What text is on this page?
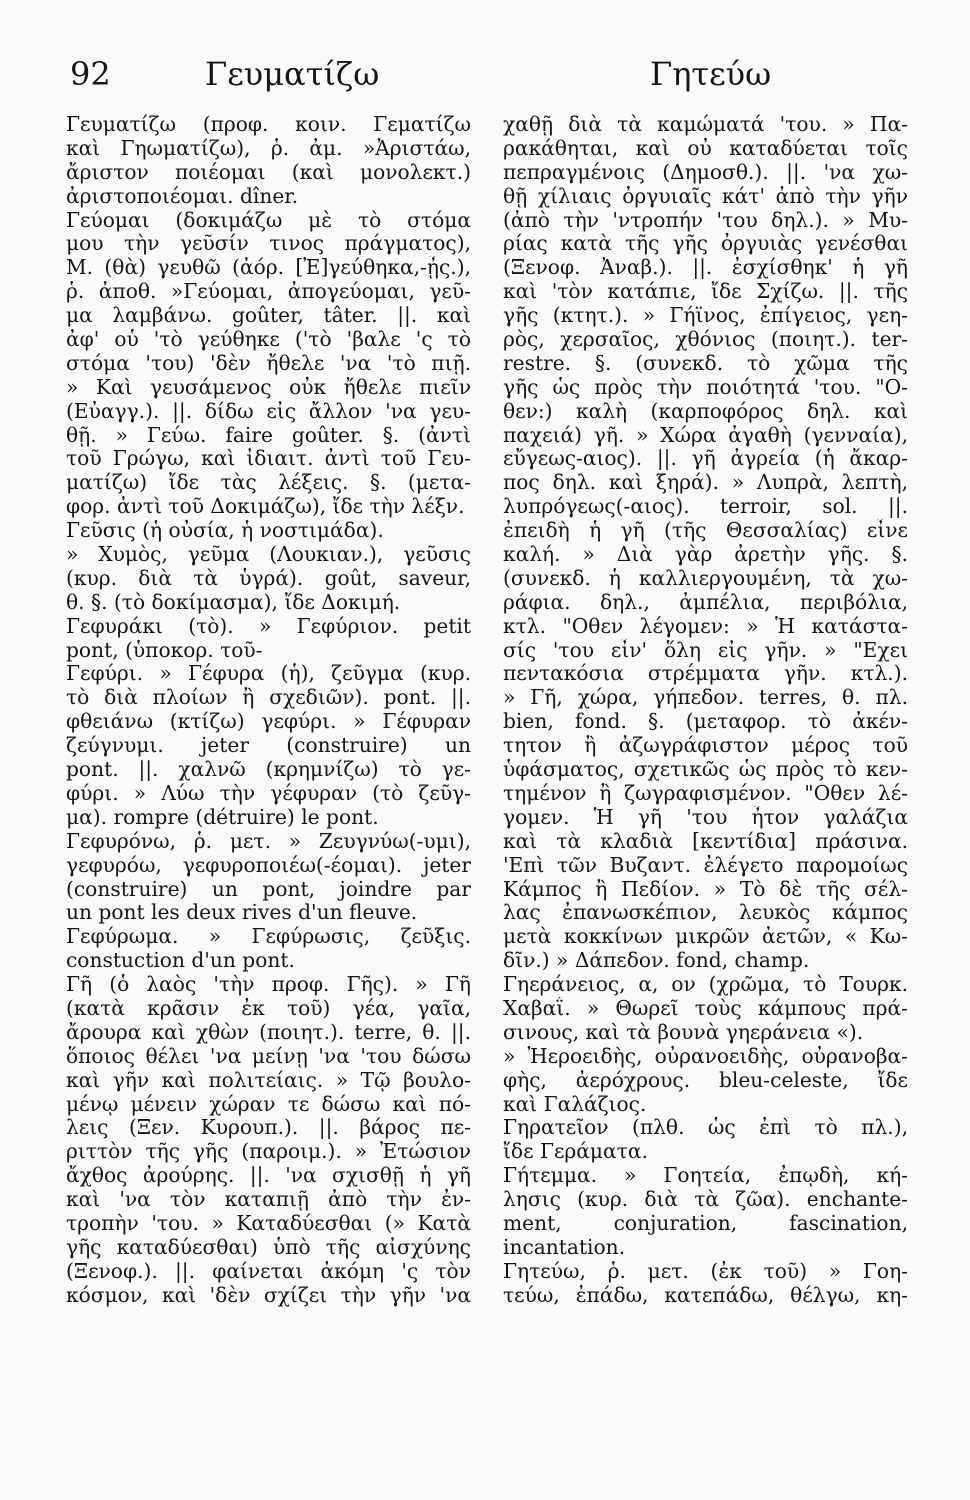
92	Γευματίζω	Γητεύω
Γευματίζω (προφ. κοιν. Γεματίζω
καὶ Γηωματίζω), ῥ. ἀμ. »Ἀριστάω,
ἄριστον ποιέομαι (καὶ μονολεκτ.)
ἀριστοποιέομαι. dîner.
Γεύομαι (δοκιμάζω μὲ τὸ στόμα
μου τὴν γεῦσίν τινος πράγματος),
Μ. (θὰ) γευθῶ (ἀόρ. [Ἐ]γεύθηκα,-ᾖς.),
ῥ. ἀποθ. »Γεύομαι, ἀπογεύομαι, γεῦ-
μα λαμβάνω. goûter, tâter. ||. καὶ
ἀφ' οὗ 'τὸ γεύθηκε ('τὸ 'βαλε 'ς τὸ
στόμα 'του) 'δὲν ἤθελε 'να 'τὸ πιῇ.
» Καὶ γευσάμενος οὐκ ἤθελε πιεῖν
(Εὐαγγ.). ||. δίδω εἰς ἄλλον 'να γευ-
θῇ. » Γεύω. faire goûter. §. (ἀντὶ
τοῦ Γρώγω, καὶ ἰδιαιτ. ἀντὶ τοῦ Γευ-
ματίζω) ἴδε τὰς λέξεις. §. (μετα-
φορ. ἀντὶ τοῦ Δοκιμάζω), ἴδε τὴν λέξν.
Γεῦσις (ἡ οὐσία, ἡ νοστιμάδα).
» Χυμὸς, γεῦμα (Λουκιαν.), γεῦσις
(κυρ. διὰ τὰ ὑγρά). goût, saveur,
θ. §. (τὸ δοκίμασμα), ἴδε Δοκιμή.
Γεφυράκι (τὸ). » Γεφύριον. petit
pont, (ὑποκορ. τοῦ-
Γεφύρι. » Γέφυρα (ἡ), ζεῦγμα (κυρ.
τὸ διὰ πλοίων ἢ σχεδιῶν). pont. ||.
φθειάνω (κτίζω) γεφύρι. » Γέφυραν
ζεύγνυμι. jeter (construire) un
pont. ||. χαλνῶ (κρημνίζω) τὸ γε-
φύρι. » Λύω τὴν γέφυραν (τὸ ζεῦγ-
μα). rompre (détruire) le pont.
Γεφυρόνω, ῥ. μετ. » Ζευγνύω(-υμι),
γεφυρόω, γεφυροποιέω(-έομαι). jeter
(construire) un pont, joindre par
un pont les deux rives d'un fleuve.
Γεφύρωμα. » Γεφύρωσις, ζεῦξις.
constuction d'un pont.
Γῆ (ὁ λαὸς 'τὴν προφ. Γῆς). » Γῆ
(κατὰ κρᾶσιν ἐκ τοῦ) γέα, γαῖα,
ἄρουρα καὶ χθὼν (ποιητ.). terre, θ. ||.
ὅποιος θέλει 'να μείνῃ 'να 'του δώσω
καὶ γῆν καὶ πολιτείαις. » Τῷ βουλο-
μένῳ μένειν χώραν τε δώσω καὶ πό-
λεις (Ξεν. Κυρουπ.). ||. βάρος πε-
ριττὸν τῆς γῆς (παροιμ.). » Ἐτώσιον
ἄχθος ἀρούρης. ||. 'να σχισθῇ ἡ γῆ
καὶ 'να τὸν καταπιῇ ἀπὸ τὴν ἐν-
τροπὴν 'του. » Καταδύεσθαι (» Κατὰ
γῆς καταδύεσθαι) ὑπὸ τῆς αἰσχύνης
(Ξενοφ.). ||. φαίνεται ἀκόμη 'ς τὸν
κόσμον, καὶ 'δὲν σχίζει τὴν γῆν 'να
χαθῇ διὰ τὰ καμώματά 'του. » Πα-
ρακάθηται, καὶ οὐ καταδύεται τοῖς
πεπραγμένοις (Δημοσθ.). ||. 'να χω-
θῇ χίλιαις ὀργυιαῖς κάτ' ἀπὸ τὴν γῆν
(ἀπὸ τὴν 'ντροπήν 'του δηλ.). » Μυ-
ρίας κατὰ τῆς γῆς ὀργυιὰς γενέσθαι
(Ξενοφ. Ἀναβ.). ||. ἐσχίσθηκ' ἡ γῆ
καὶ 'τὸν κατάπιε, ἴδε Σχίζω. ||. τῆς
γῆς (κτητ.). » Γήϊνος, ἐπίγειος, γεη-
ρὸς, χερσαῖος, χθόνιος (ποιητ.). ter-
restre. §. (συνεκδ. τὸ χῶμα τῆς
γῆς ὡς πρὸς τὴν ποιότητά 'του. "Ο-
θεν:) καλὴ (καρποφόρος δηλ. καὶ
παχειά) γῆ. » Χώρα ἀγαθὴ (γενναία),
εὔγεως-αιος). ||. γῆ ἀγρεία (ἡ ἄκαρ-
πος δηλ. καὶ ξηρά). » Λυπρὰ, λεπτὴ,
λυπρόγεως(-αιος). terroir, sol. ||.
ἐπειδὴ ἡ γῆ (τῆς Θεσσαλίας) εἶνε
καλή. » Διὰ γὰρ ἀρετὴν γῆς. §.
(συνεκδ. ἡ καλλιεργουμένη, τὰ χω-
ράφια. δηλ., ἀμπέλια, περιβόλια,
κτλ. "Οθεν λέγομεν: » Ἡ κατάστα-
σίς 'του εἶν' ὅλη εἰς γῆν. » "Εχει
πεντακόσια στρέμματα γῆν. κτλ.).
» Γῆ, χώρα, γήπεδον. terres, θ. πλ.
bien, fond. §. (μεταφορ. τὸ ἀκέν-
τητον ἢ ἀζωγράφιστον μέρος τοῦ
ὑφάσματος, σχετικῶς ὡς πρὸς τὸ κεν-
τημένον ἢ ζωγραφισμένον. "Οθεν λέ-
γομεν. Ἡ γῆ 'του ἦτον γαλάζια
καὶ τὰ κλαδιὰ [κεντίδια] πράσινα.
'Επὶ τῶν Βυζαντ. ἐλέγετο παρομοίως
Κάμπος ἢ Πεδίον. » Τὸ δὲ τῆς σέλ-
λας ἐπανωσκέπιον, λευκὸς κάμπος
μετὰ κοκκίνων μικρῶν ἀετῶν, « Κω-
δῖν.) » Δάπεδον. fond, champ.
Γηεράνειος, α, ον (χρῶμα, τὸ Τουρκ.
Χαβαΐ. » Θωρεῖ τοὺς κάμπους πρά-
σινους, καὶ τὰ βουνὰ γηεράνεια «).
» Ἠεροειδὴς, οὐρανοειδὴς, οὐρανοβα-
φὴς, ἀερόχρους. bleu-celeste, ἴδε
καὶ Γαλάζιος.
Γηρατεῖον (πλθ. ὡς ἐπὶ τὸ πλ.),
ἴδε Γεράματα.
Γήτεμμα. » Γοητεία, ἐπῳδὴ, κή-
λησις (κυρ. διὰ τὰ ζῶα). enchante-
ment, conjuration, fascination,
incantation.
Γητεύω, ῥ. μετ. (ἐκ τοῦ) » Γοη-
τεύω, ἐπάδω, κατεπάδω, θέλγω, κη-
